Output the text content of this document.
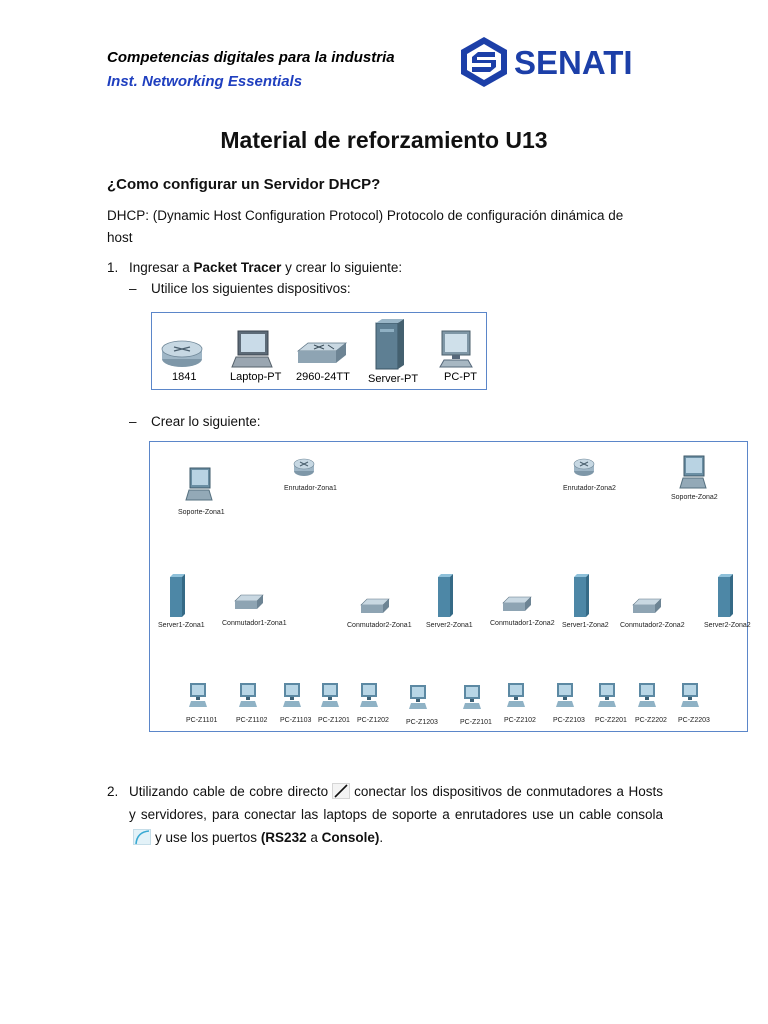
Competencias digitales para la industria
Inst. Networking Essentials
SENATI
Material de reforzamiento U13
¿Como configurar un Servidor DHCP?
DHCP: (Dynamic Host Configuration Protocol) Protocolo de configuración dinámica de host
1. Ingresar a Packet Tracer y crear lo siguiente:
– Utilice los siguientes dispositivos:
1841	Laptop-PT 2960-24TT Server-PT PC-PT
– Crear lo siguiente:
Soporte-Zona1
Soporte-Zona2
Enrutador-Zona1	Enrutador-Zona2
Server1-Zona1	Server2-Zona1	Server1-Zona2	Server2-Zona2
Conmutador1-Zona1	Conmutador2-Zona1	Conmutador1-Zona2	Conmutador2-Zona2
PC-Z1101	PC-Z1102 PC-Z1103 PC-Z1201 PC-Z1202 PC-Z1203	PC-Z2101 PC-Z2102 PC-Z2103 PC-Z2201 PC-Z2202 PC-Z2203
2. Utilizando cable de cobre directo conectar los dispositivos de conmutadores a Hosts y servidores, para conectar las laptops de soporte a enrutadores use un cable consolay use los puertos (RS232 a Console).
